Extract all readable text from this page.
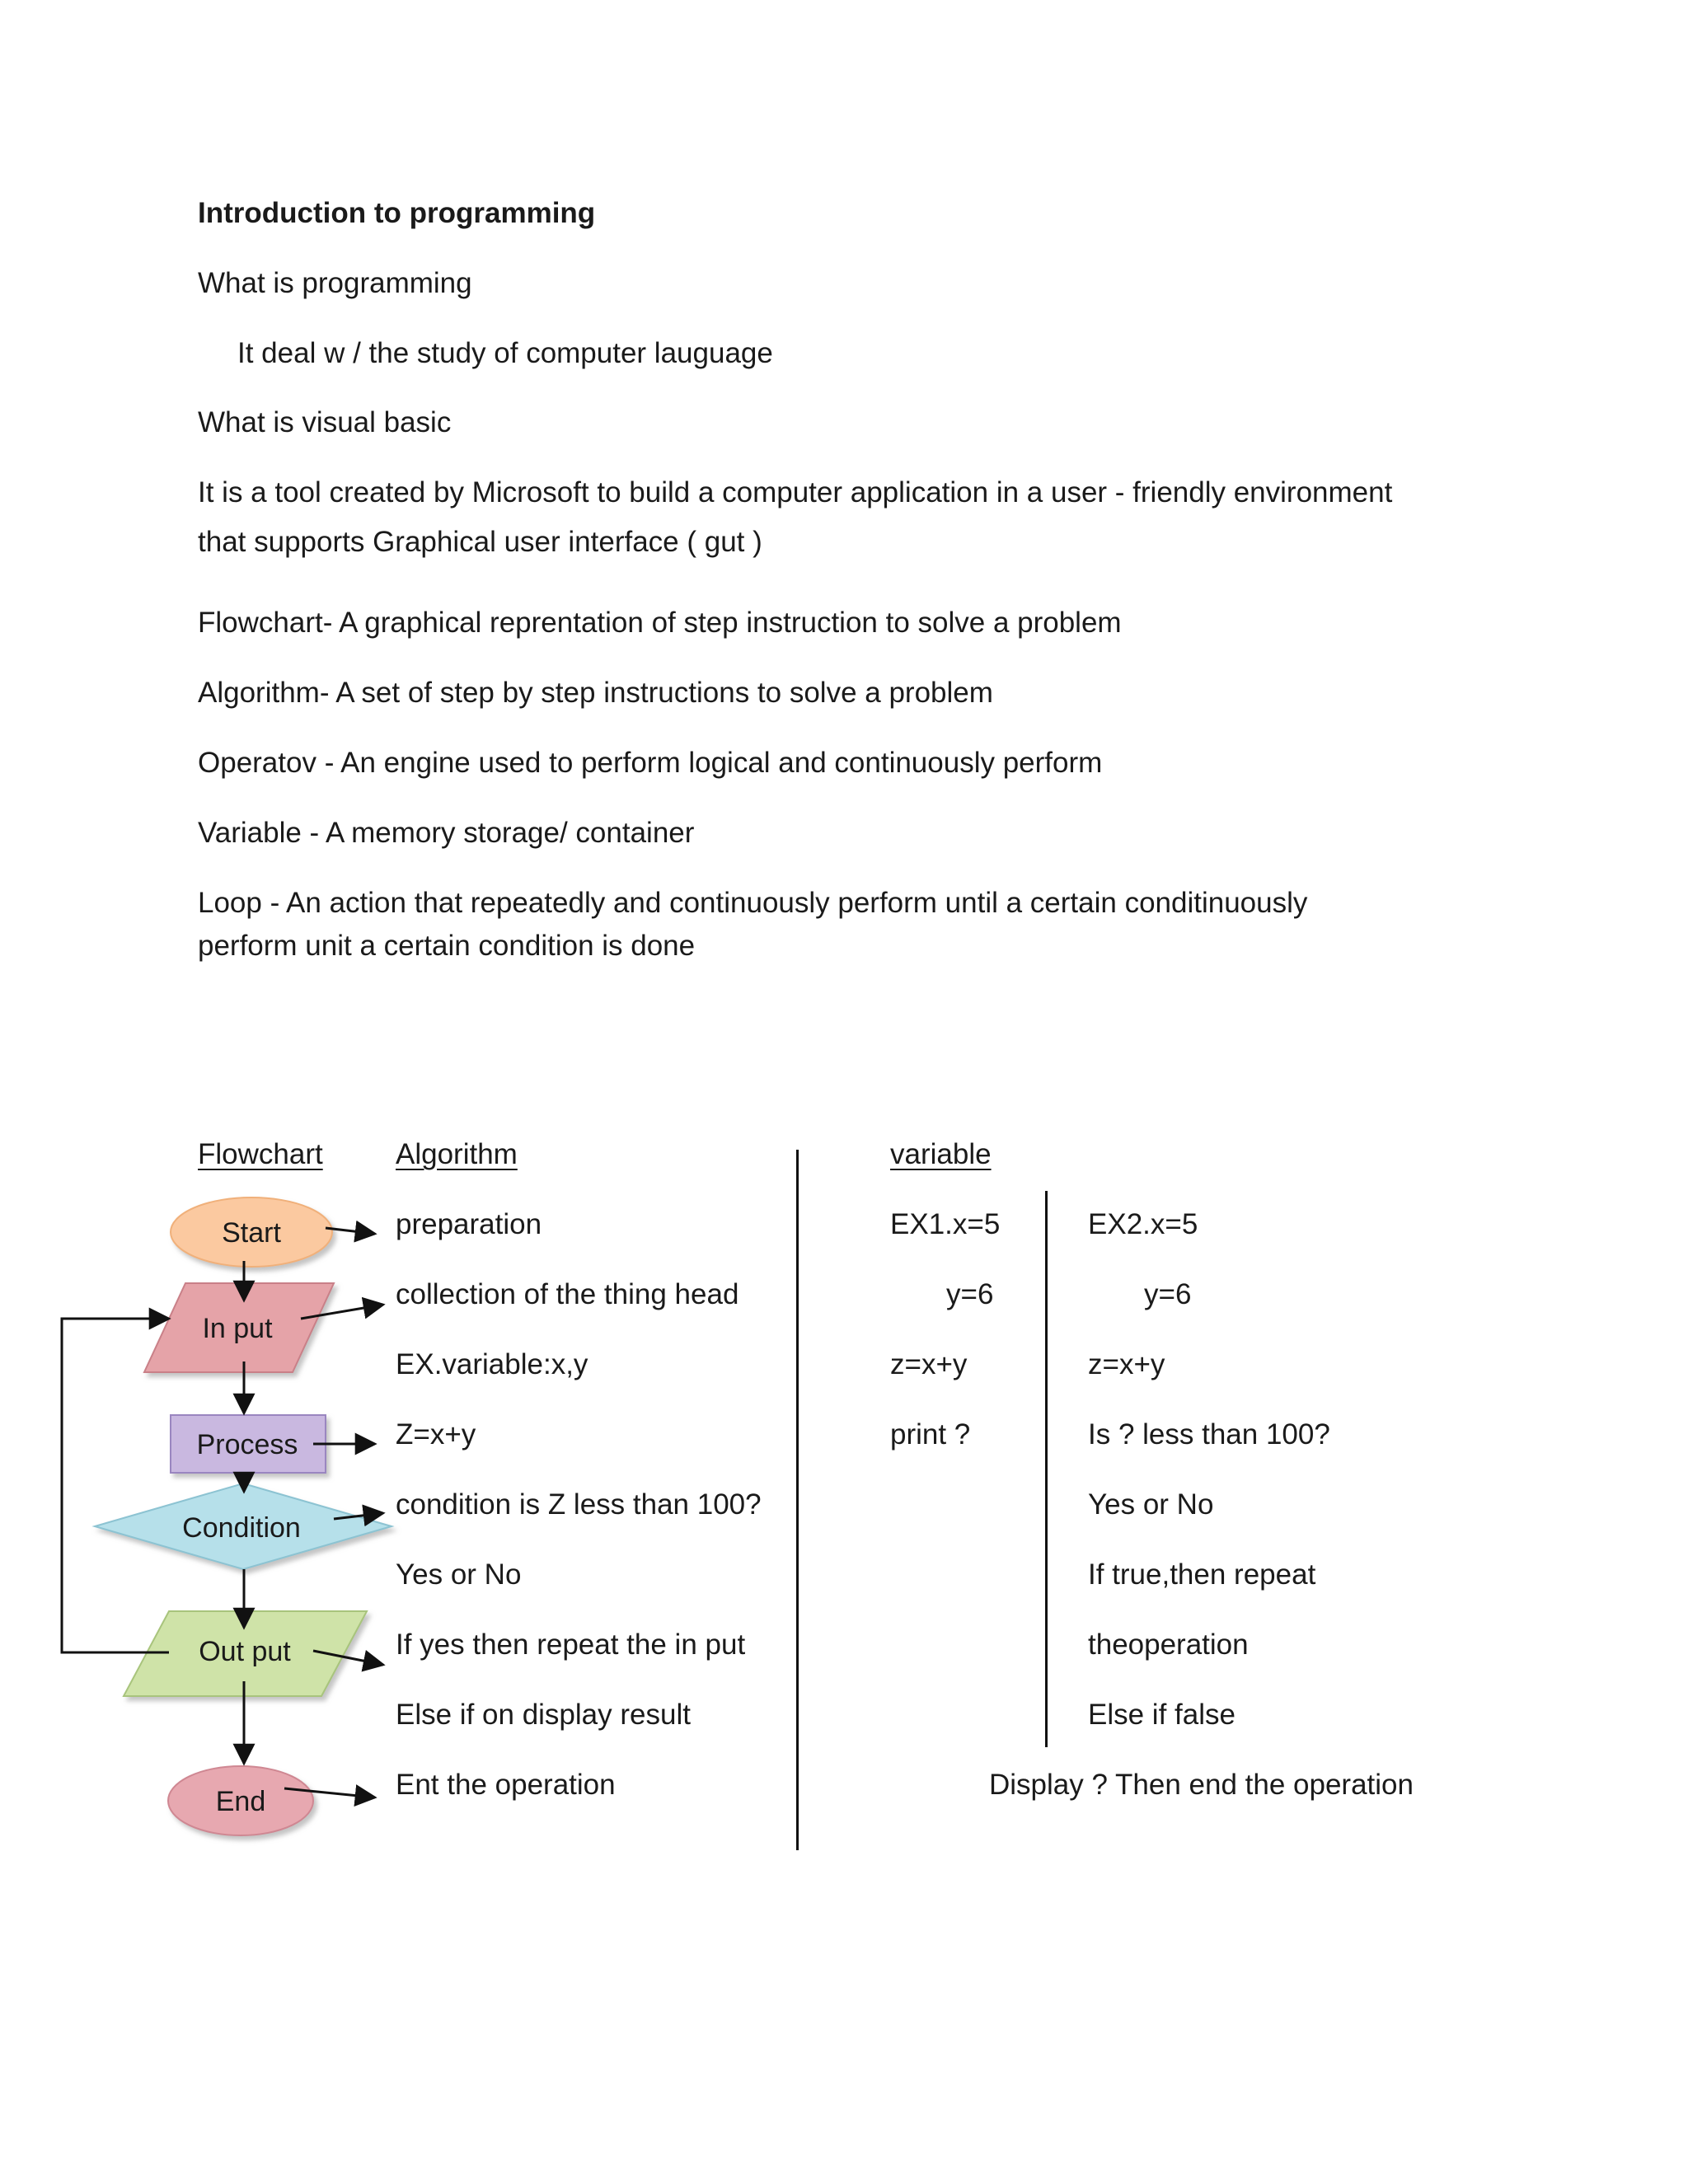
Introduction to programming
What is programming
It deal w / the study of computer lauguage
What is visual basic
It is a tool created by Microsoft to build a computer application in a user - friendly environment
that supports Graphical user interface ( gut )
Flowchart- A graphical reprentation of step instruction to solve a problem
Algorithm- A set of step by step instructions to solve a problem
Operatov - An engine used to perform logical and continuously perform
Variable - A memory storage/ container
Loop - An action that repeatedly and continuously perform until a certain conditinuously
perform unit a certain condition is done
Flowchart	Algorithm	variable
Start
In put
Process
Condition
Out put
End
preparation
collection of the thing head
EX.variable:x,y
Z=x+y
condition is Z less than 100?
Yes or No
If yes then repeat the in put
Else if on display result
Ent the operation
EX1.x=5
y=6
z=x+y
print ?
EX2.x=5
y=6
z=x+y
Is ? less than 100?
Yes or No
If true,then repeat
theoperation
Else if false
Display ? Then end the operation
